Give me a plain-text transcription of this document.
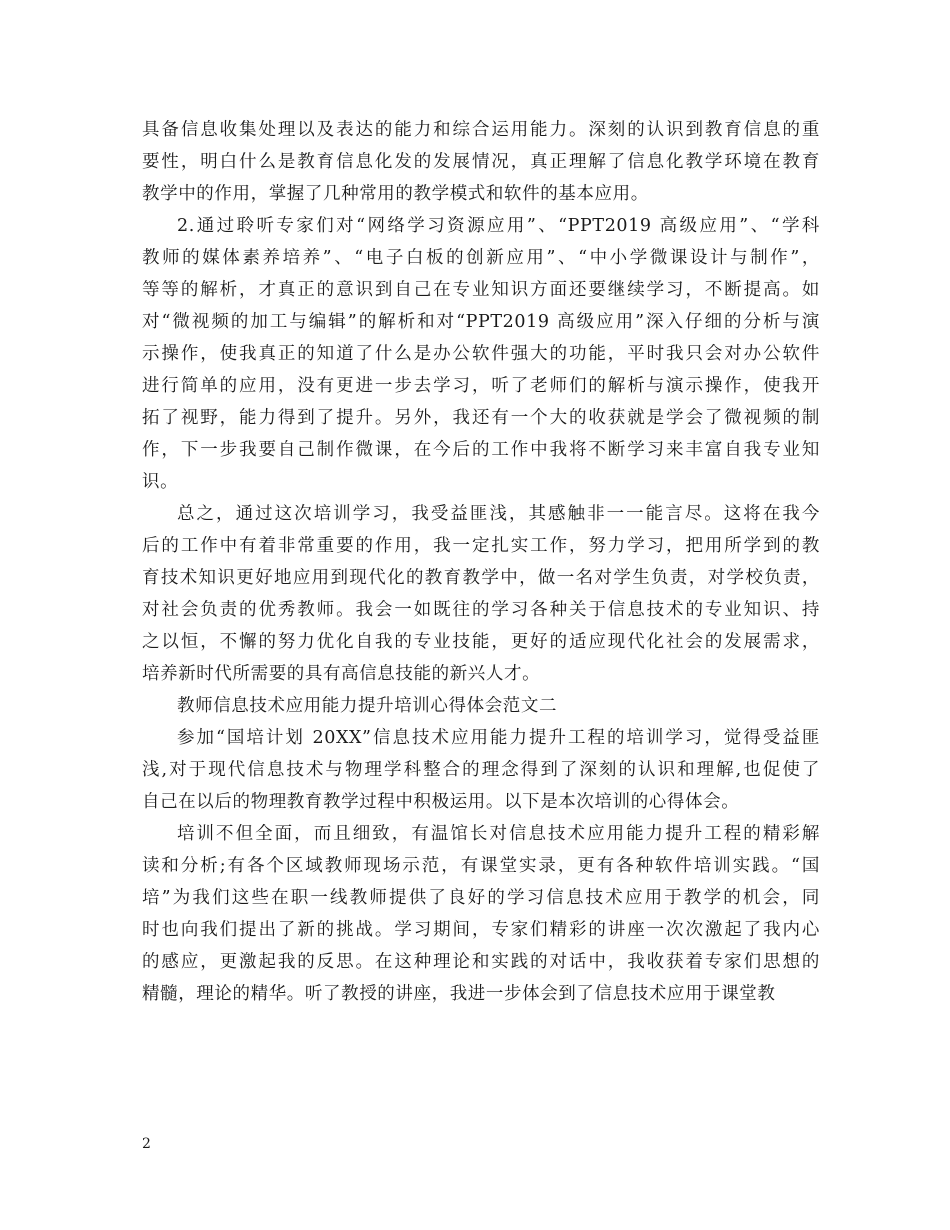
具备信息收集处理以及表达的能力和综合运用能力。深刻的认识到教育信息的重
要性，明白什么是教育信息化发的发展情况，真正理解了信息化教学环境在教育
教学中的作用，掌握了几种常用的教学模式和软件的基本应用。
2.通过聆听专家们对“网络学习资源应用”、“PPT2019 高级应用”、“学科
教师的媒体素养培养”、“电子白板的创新应用”、“中小学微课设计与制作”，
等等的解析，才真正的意识到自己在专业知识方面还要继续学习，不断提高。如
对“微视频的加工与编辑”的解析和对“PPT2019 高级应用”深入仔细的分析与演
示操作，使我真正的知道了什么是办公软件强大的功能，平时我只会对办公软件
进行简单的应用，没有更进一步去学习，听了老师们的解析与演示操作，使我开
拓了视野，能力得到了提升。另外，我还有一个大的收获就是学会了微视频的制
作，下一步我要自己制作微课，在今后的工作中我将不断学习来丰富自我专业知
识。
总之，通过这次培训学习，我受益匪浅，其感触非一一能言尽。这将在我今
后的工作中有着非常重要的作用，我一定扎实工作，努力学习，把用所学到的教
育技术知识更好地应用到现代化的教育教学中，做一名对学生负责，对学校负责，
对社会负责的优秀教师。我会一如既往的学习各种关于信息技术的专业知识、持
之以恒，不懈的努力优化自我的专业技能，更好的适应现代化社会的发展需求，
培养新时代所需要的具有高信息技能的新兴人才。
教师信息技术应用能力提升培训心得体会范文二
参加“国培计划 20XX”信息技术应用能力提升工程的培训学习，觉得受益匪
浅,对于现代信息技术与物理学科整合的理念得到了深刻的认识和理解,也促使了
自己在以后的物理教育教学过程中积极运用。以下是本次培训的心得体会。
培训不但全面，而且细致，有温馆长对信息技术应用能力提升工程的精彩解
读和分析;有各个区域教师现场示范，有课堂实录，更有各种软件培训实践。“国
培”为我们这些在职一线教师提供了良好的学习信息技术应用于教学的机会，同
时也向我们提出了新的挑战。学习期间，专家们精彩的讲座一次次激起了我内心
的感应，更激起我的反思。在这种理论和实践的对话中，我收获着专家们思想的
精髓，理论的精华。听了教授的讲座，我进一步体会到了信息技术应用于课堂教
2
